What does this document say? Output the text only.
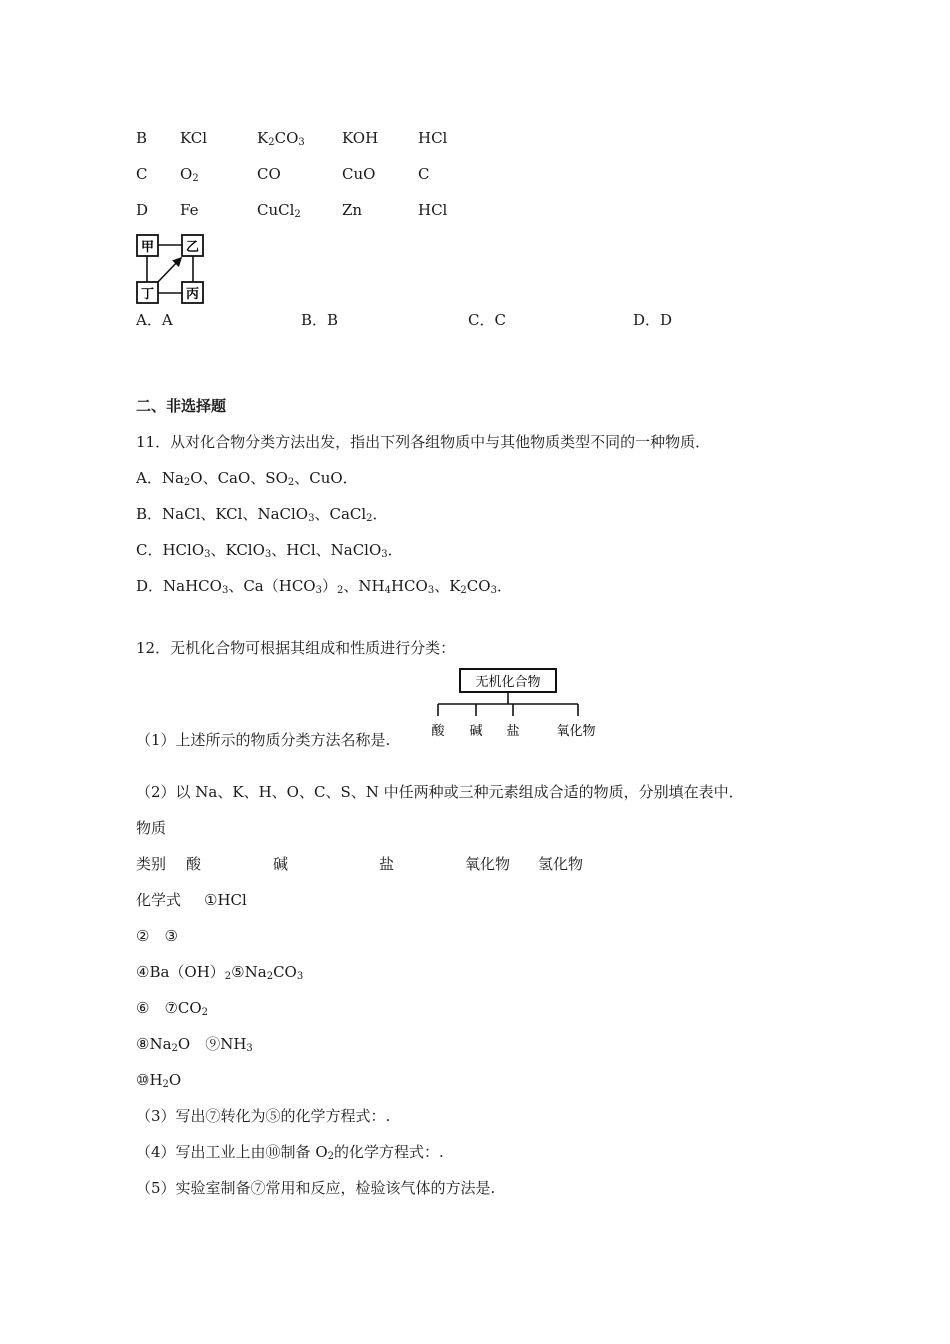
B KCl	$K_2CO_3$ KOH	HCl
C $O_2$	CO	CuO	C
D Fe	CuCl$_2$	Zn	HCl
甲 乙
丁 丙
A．A	B．B	C．C	D．D
二、非选择题
11．从对化合物分类方法出发，指出下列各组物质中与其他物质类型不同的一种物质．
A．$Na_2O$、CaO、$SO_2$、CuO．
B．NaCl、KCl、NaClO$_3$、CaCl$_2$．
C．HClO$_3$、KClO$_3$、HCl、NaClO$_3$．
D．NaHCO$_3$、$Ca(HCO_3)_2$、$NH_4HCO_3$、$K_2CO_3$．
12．无机化合物可根据其组成和性质进行分类：
无机化合物
酸 碱 盐	氧化物
（1）上述所示的物质分类方法名称是.
（2）以 Na、K、H、O、C、S、N 中任两种或三种元素组成合适的物质，分别填在表中．
物质
类别 酸	碱	盐	氧化物 氢化物
化学式 ①HCl
②　③
$④Ba(OH)_2⑤Na_2CO_3$
⑥　$⑦CO_2$
$⑧Na_2O$　$⑨NH_3$
$⑩H_2O$
（3）写出⑦转化为⑤的化学方程式：.
（4）写出工业上由⑩制备 $O_2$的化学方程式：.
（5）实验室制备⑦常用和反应，检验该气体的方法是.
